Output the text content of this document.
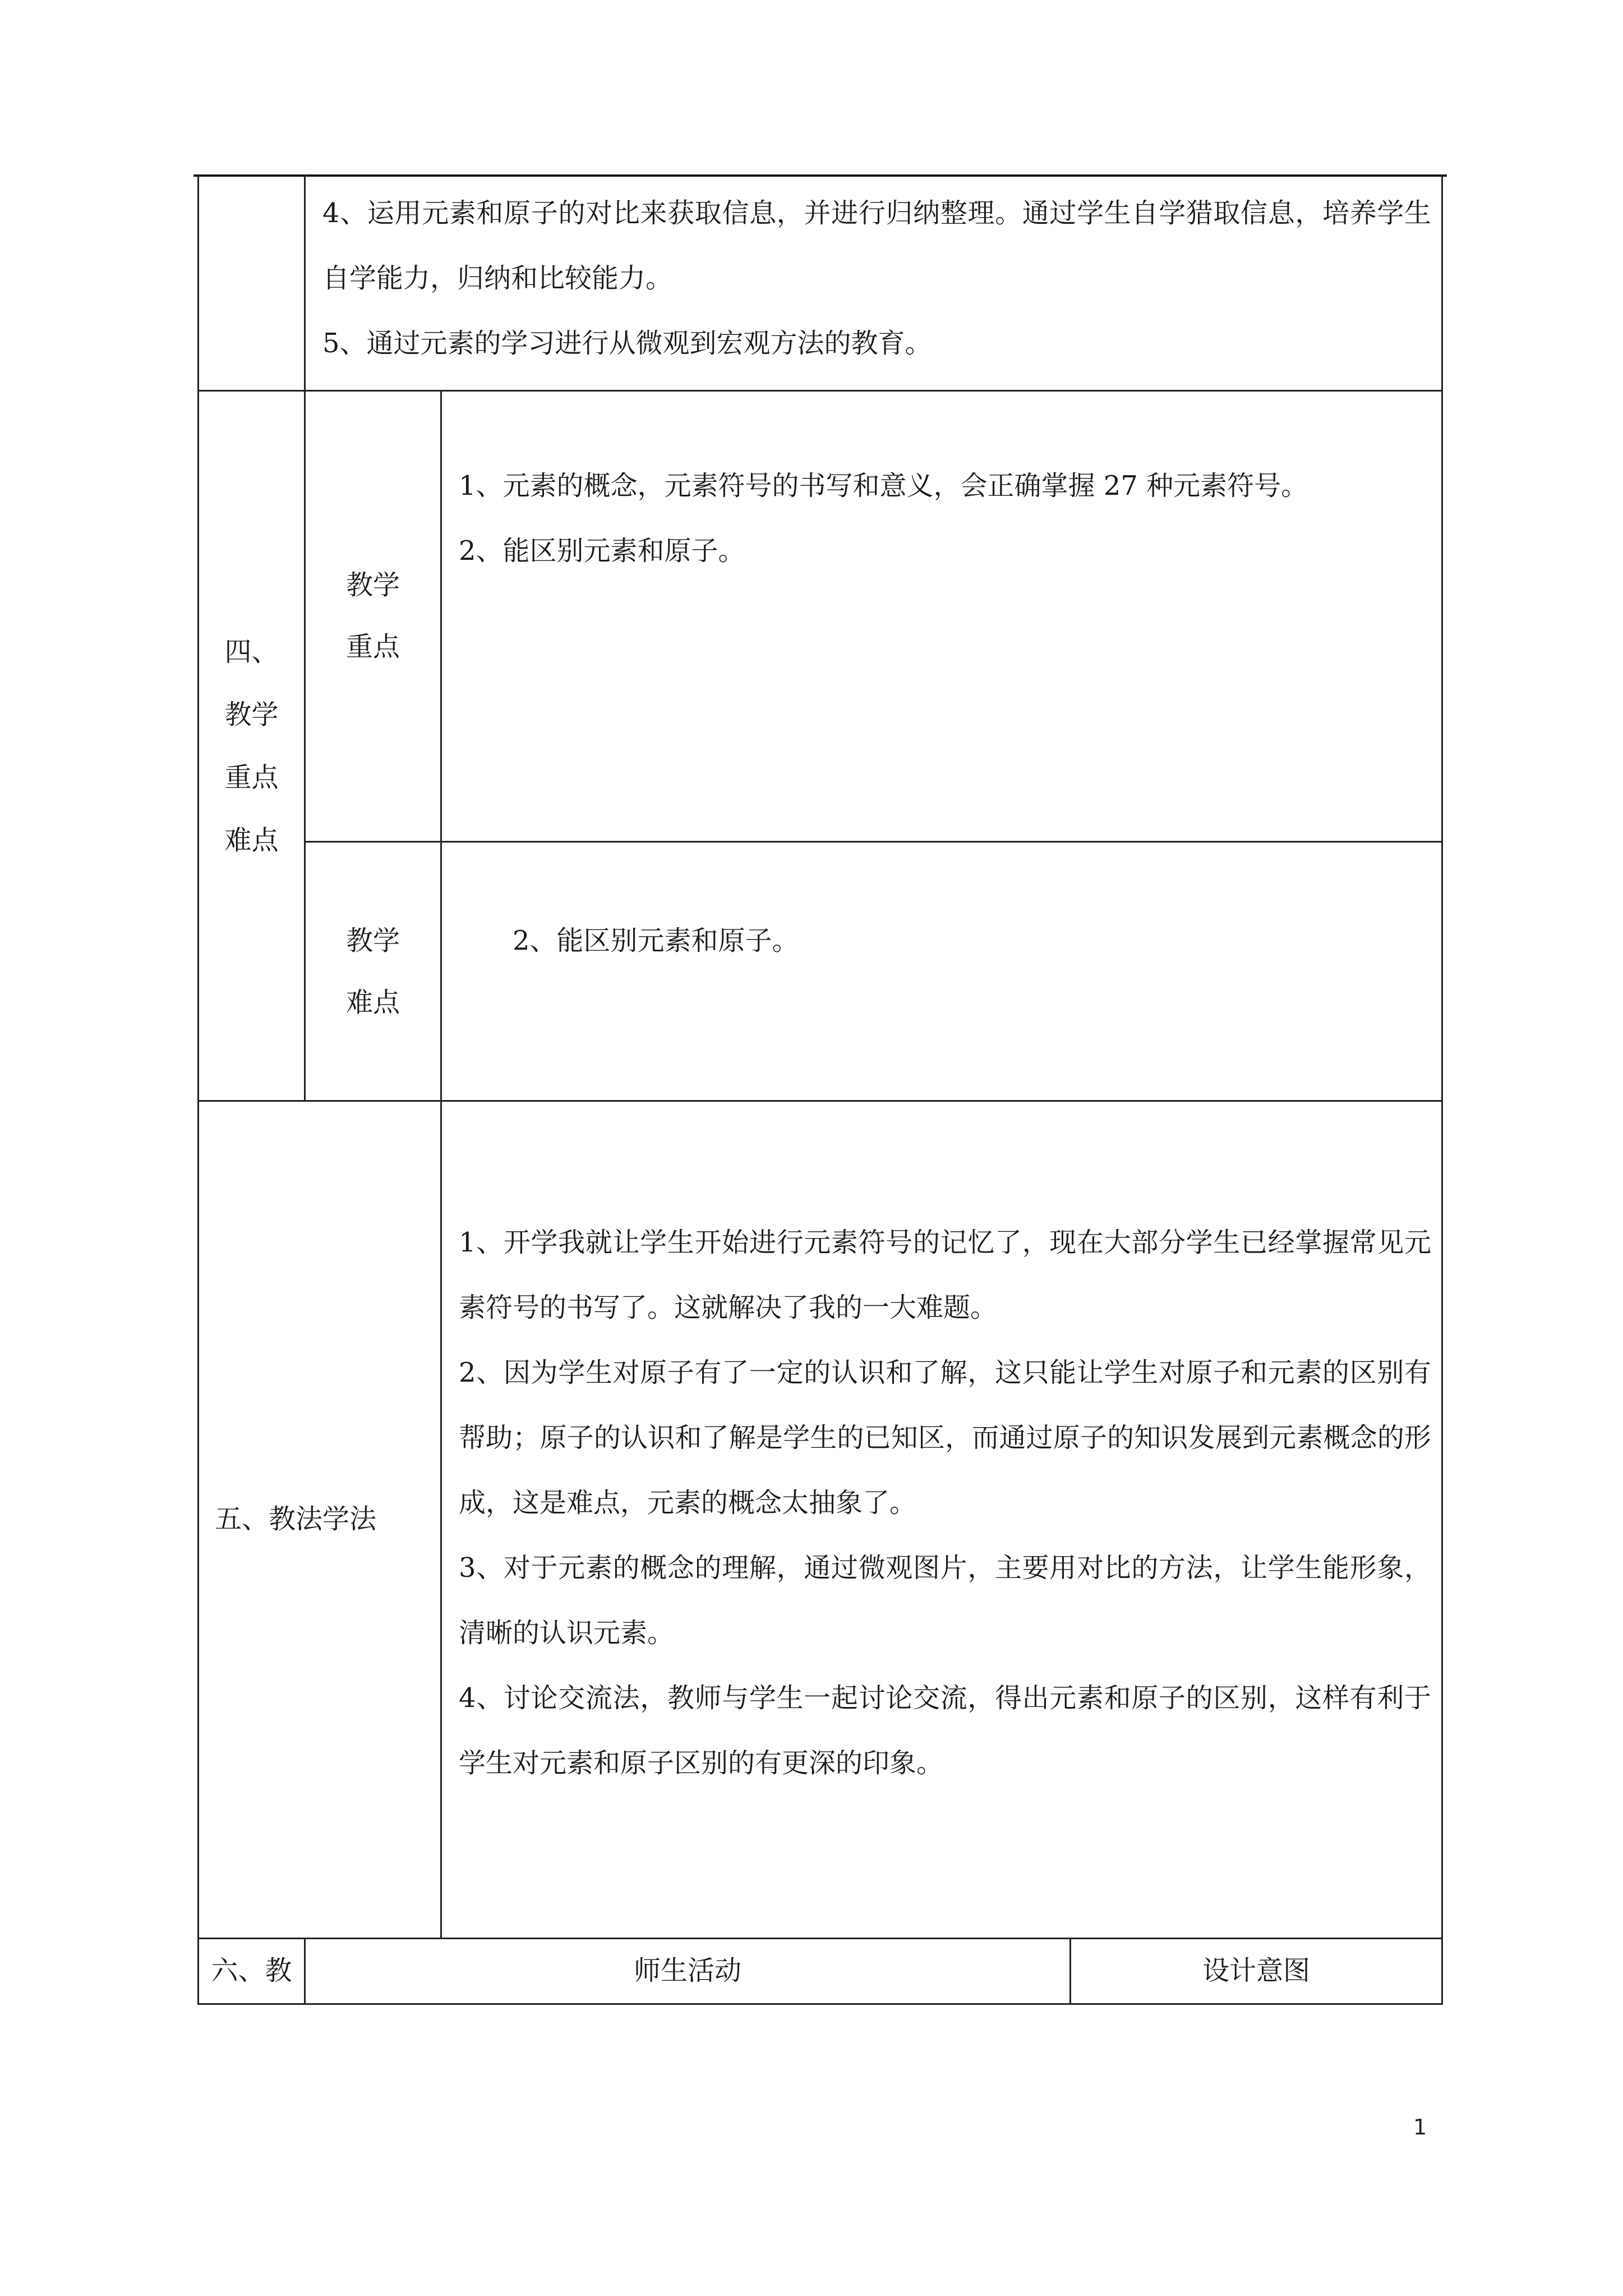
	4、运用元素和原子的对比来获取信息，并进行归纳整理。通过学生自学猎取信息，培养学生自学能力，归纳和比较能力。
5、通过元素的学习进行从微观到宏观方法的教育。		

四、教学重点难点	教学重点	1、元素的概念，元素符号的书写和意义，会正确掌握 27 种元素符号。
2、能区别元素和原子。	

	教学难点	2、能区别元素和原子。	

五、教法学法		1、开学我就让学生开始进行元素符号的记忆了，现在大部分学生已经掌握常见元素符号的书写了。这就解决了我的一大难题。
2、因为学生对原子有了一定的认识和了解，这只能让学生对原子和元素的区别有帮助；原子的认识和了解是学生的已知区，而通过原子的知识发展到元素概念的形成，这是难点，元素的概念太抽象了。
3、对于元素的概念的理解，通过微观图片，主要用对比的方法，让学生能形象，清晰的认识元素。
4、讨论交流法，教师与学生一起讨论交流，得出元素和原子的区别，这样有利于学生对元素和原子区别的有更深的印象。	

六、教	师生活动		设计意图
1
